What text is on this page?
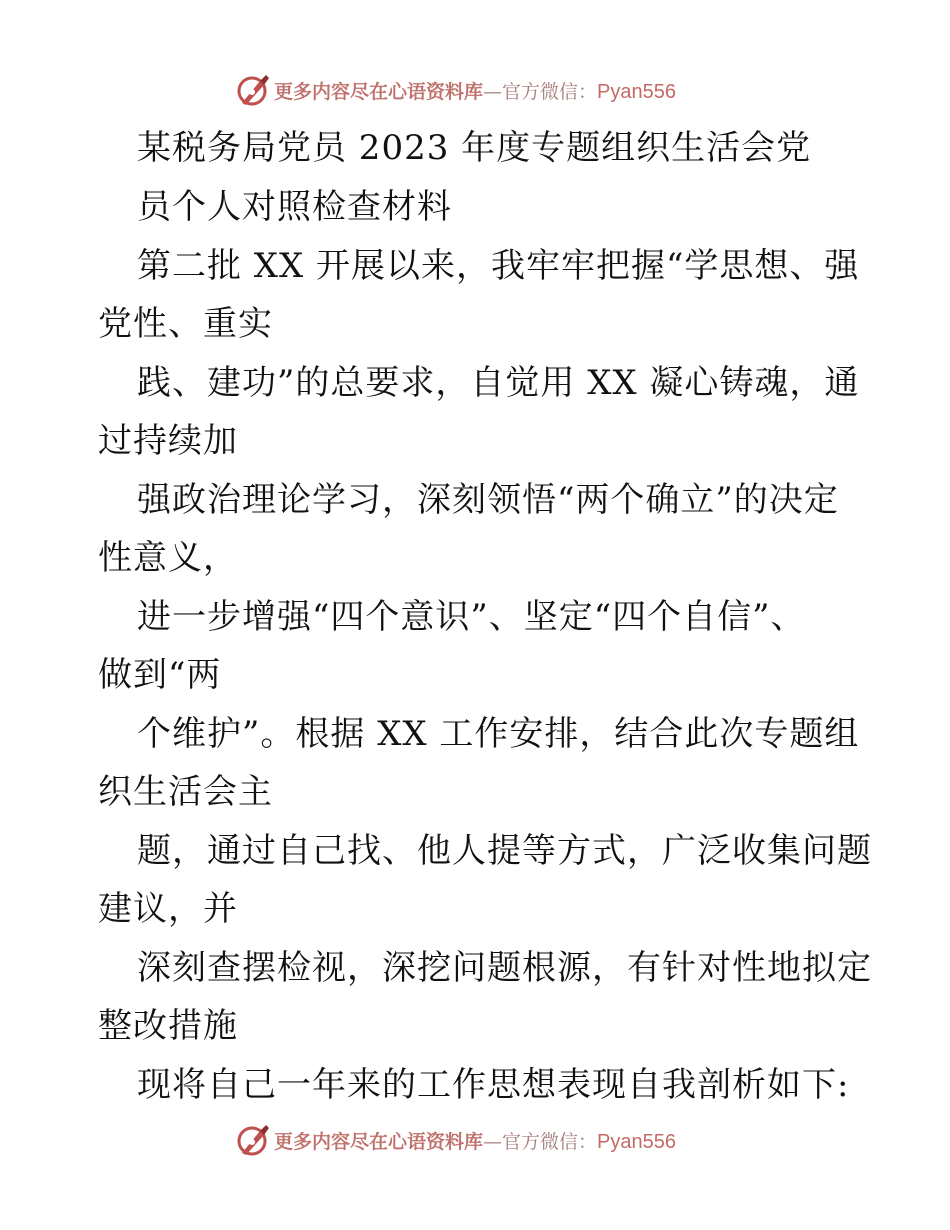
更多内容尽在心语资料库—官方微信：Pyan556
某税务局党员 2023 年度专题组织生活会党
员个人对照检查材料
第二批 XX 开展以来，我牢牢把握“学思想、强
党性、重实
践、建功”的总要求，自觉用 XX 凝心铸魂，通
过持续加
强政治理论学习，深刻领悟“两个确立”的决定
性意义，
进一步增强“四个意识”、坚定“四个自信”、
做到“两
个维护”。根据 XX 工作安排，结合此次专题组
织生活会主
题，通过自己找、他人提等方式，广泛收集问题
建议，并
深刻查摆检视，深挖问题根源，有针对性地拟定
整改措施
现将自己一年来的工作思想表现自我剖析如下:
更多内容尽在心语资料库—官方微信：Pyan556
